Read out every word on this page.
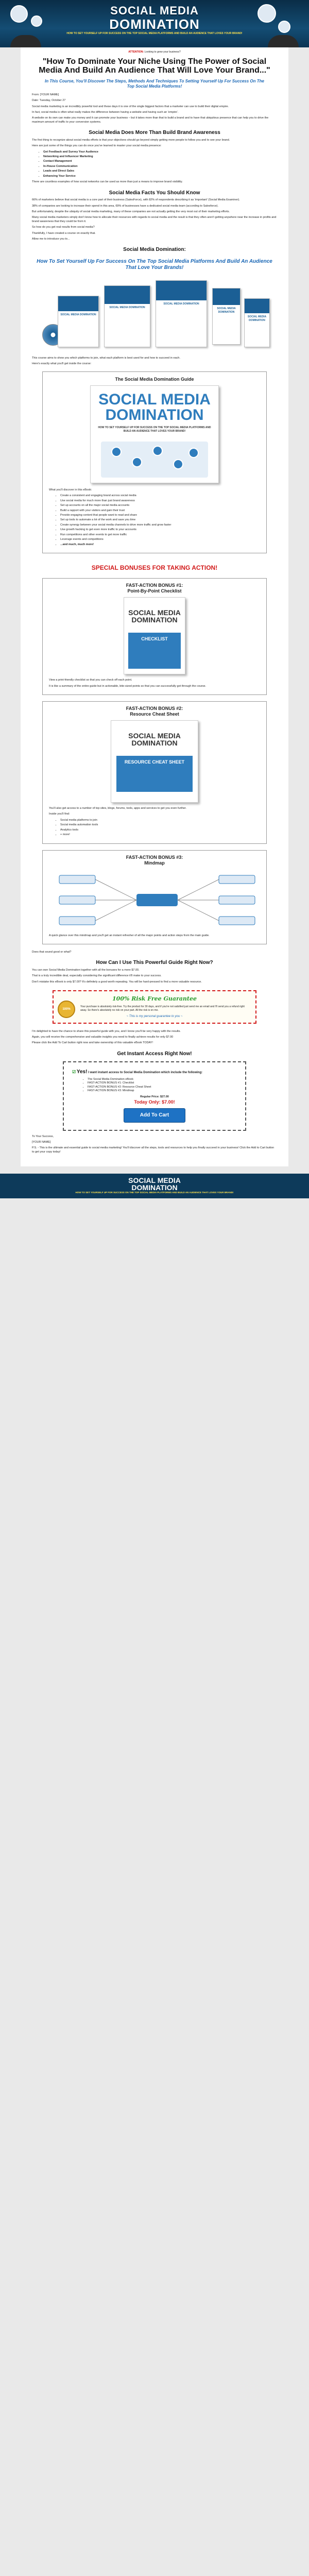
SOCIAL MEDIA
DOMINATION
HOW TO SET YOURSELF UP FOR SUCCESS ON THE TOP SOCIAL MEDIA PLATFORMS AND BUILD AN AUDIENCE THAT LOVES YOUR BRAND!
ATTENTION: Looking to grow your business?
"How To Dominate Your Niche Using The Power of Social Media And Build An Audience That Will Love Your Brand..."
In This Course, You'll Discover The Steps, Methods And Techniques To Setting Yourself Up For Success On The Top Social Media Platforms!

From: [YOUR NAME]

Date: Tuesday, October 27

Social media marketing is an incredibly powerful tool and these days it is one of the single biggest factors that a marketer can use to build their digital empire.

In fact, social media is often what really makes the difference between having a website and having such an 'empire'.

A website on its own can make you money and it can promote your business – but it takes more than that to build a brand and to have that ubiquitous presence that can help you to drive the maximum amount of traffic to your conversion systems.

Social Media Does More Than Build Brand Awareness

The first thing to recognize about social media efforts is that your objectives should go beyond simply getting more people to follow you and to see your brand.

Here are just some of the things you can do once you've learned to master your social media presence:

• Get Feedback and Survey Your Audience
• Networking and Influencer Marketing
• Contact Management
• In-House Communication
• Leads and Direct Sales
• Enhancing Your Service

There are countless examples of how social networks can be used as more than just a means to improve brand visibility.

Social Media Facts You Should Know

66% of marketers believe that social media is a core part of their business (SalesForce), with 82% of respondents describing it as 'important' (Social Media Examiner).

38% of companies are looking to increase their spend in this area, 69% of businesses have a dedicated social media team (according to Salesforce).

But unfortunately, despite the ubiquity of social media marketing, many of these companies are not actually getting the very most out of their marketing efforts.

Many social media marketers simply don't know how to allocate their resources with regards to social media and the result is that they often aren't getting anywhere near the increase in profits and brand awareness that they could be from it.

So how do you get real results from social media?

Thankfully, I have created a course on exactly that.

Allow me to introduce you to...

Social Media Domination:
How To Set Yourself Up For Success On The Top Social Media Platforms And Build An Audience That Love Your Brands!
SOCIAL MEDIA DOMINATION
SOCIAL MEDIA DOMINATION
SOCIAL MEDIA DOMINATION
SOCIAL MEDIA DOMINATION
SOCIAL MEDIA DOMINATION

This course aims to show you which platforms to join, what each platform is best used for and how to succeed in each.

Here's exactly what you'll get inside the course:

The Social Media Domination Guide
SOCIAL MEDIA
DOMINATION
HOW TO SET YOURSELF UP FOR SUCCESS ON THE TOP SOCIAL MEDIA PLATFORMS AND BUILD AN AUDIENCE THAT LOVES YOUR BRAND!

What you'll discover in this eBook:

• Create a consistent and engaging brand across social media
• Use social media for much more than just brand awareness
• Set up accounts on all the major social media accounts
• Build a rapport with your visitors and gain their trust
• Provide engaging content that people want to read and share
• Set up tools to automate a lot of the work and save you time
• Create synergy between your social media channels to drive more traffic and grow faster
• Use growth hacking to get even more traffic to your accounts
• Run competitions and other events to get more traffic
• Leverage events and competitions
• ...and much, much more!
SPECIAL BONUSES FOR TAKING ACTION!
FAST-ACTION BONUS #1:
Point-By-Point Checklist
SOCIAL MEDIA
DOMINATION
CHECKLIST

View a print-friendly checklist so that you can check off each point.

It is like a summary of the entire guide but in actionable, bite-sized points so that you can successfully get through the course.

FAST-ACTION BONUS #2:
Resource Cheat Sheet
SOCIAL MEDIA
DOMINATION
RESOURCE CHEAT SHEET

You'll also get access to a number of top sites, blogs, forums, tools, apps and services to get you even further.

Inside you'll find:

• Social media platforms to join
• Social media automation tools
• Analytics tools
• + more!
FAST-ACTION BONUS #3:
Mindmap

A quick glance over this mindmap and you'll get an instant refresher of all the major points and action steps from the main guide.

Does that sound good or what?

How Can I Use This Powerful Guide Right Now?

You can own Social Media Domination together with all the bonuses for a mere $7.00.

That is a truly incredible deal, especially considering the significant difference it'll make to your success.

Don't mistake this eBook is only $7.00? It's definitely a good worth repeating. You will be hard-pressed to find a more valuable resource.

100% Risk Free Guarantee
100%

Your purchase is absolutely risk-free. Try the product for 30 days, and if you're not satisfied just send me an email and I'll send you a refund right away. So there's absolutely no risk on your part. All the risk is on me.

~ This is my personal guarantee to you ~

I'm delighted to have the chance to share this powerful guide with you, and I know you'll be very happy with the results.

Again, you will receive the comprehensive and valuable insights you need to finally achieve results for only $7.00

Please click the Add To Cart button right now and take ownership of this valuable eBook TODAY!

Get Instant Access Right Now!

☑ Yes! I want instant access to Social Media Domination which include the following:

• The Social Media Domination eBook
• FAST-ACTION BONUS #1: Checklist
• FAST-ACTION BONUS #2: Resource Cheat Sheet
• FAST-ACTION BONUS #3: Mindmap
Regular Price: $27.00
Today Only: $7.00!
Add To Cart

To Your Success,

[YOUR NAME]

P.S. - This is the ultimate and essential guide to social media marketing! You'll discover all the steps, tools and resources to help you finally succeed in your business! Click the Add to Cart button to get your copy today!

SOCIAL MEDIA
DOMINATION
HOW TO SET YOURSELF UP FOR SUCCESS ON THE TOP SOCIAL MEDIA PLATFORMS AND BUILD AN AUDIENCE THAT LOVES YOUR BRAND!
